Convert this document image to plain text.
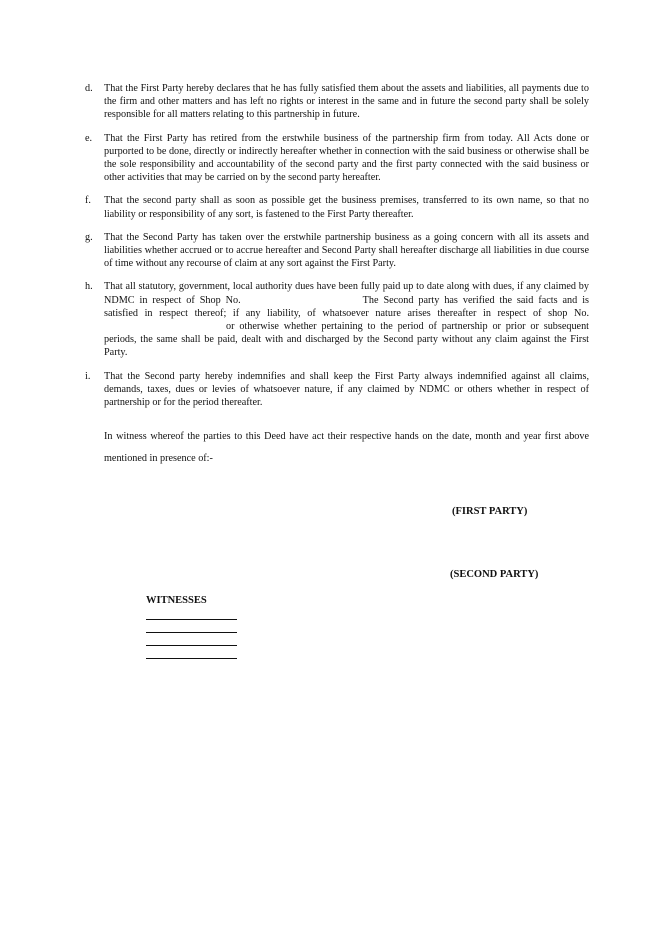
d.	That the First Party hereby declares that he has fully satisfied them about the assets and liabilities, all payments due to the firm and other matters and has left no rights or interest in the same and in future the second party shall be solely responsible for all matters relating to this partnership in future.
e.	That the First Party has retired from the erstwhile business of the partnership firm from today. All Acts done or purported to be done, directly or indirectly hereafter whether in connection with the said business or otherwise shall be the sole responsibility and accountability of the second party and the first party connected with the said business or other activities that may be carried on by the second party hereafter.
f.	That the second party shall as soon as possible get the business premises, transferred to its own name, so that no liability or responsibility of any sort, is fastened to the First Party thereafter.
g.	That the Second Party has taken over the erstwhile partnership business as a going concern with all its assets and liabilities whether accrued or to accrue hereafter and Second Party shall hereafter discharge all liabilities in due course of time without any recourse of claim at any sort against the First Party.
h.	That all statutory, government, local authority dues have been fully paid up to date along with dues, if any claimed by NDMC in respect of Shop No.	The Second party has verified the said facts and is satisfied in respect thereof; if any liability, of whatsoever nature arises thereafter in respect of shop No.or otherwise whether pertaining to the period of partnership or prior or subsequent periods, the same shall be paid, dealt with and discharged by the Second party without any claim against the First Party.
i.	That the Second party hereby indemnifies and shall keep the First Party always indemnified against all claims, demands, taxes, dues or levies of whatsoever nature, if any claimed by NDMC or others whether in respect of partnership or for the period thereafter.

In witness whereof the parties to this Deed have act their respective hands on the date, month and year first above mentioned in presence of:-

(FIRST PARTY)
(SECOND PARTY)
WITNESSES
